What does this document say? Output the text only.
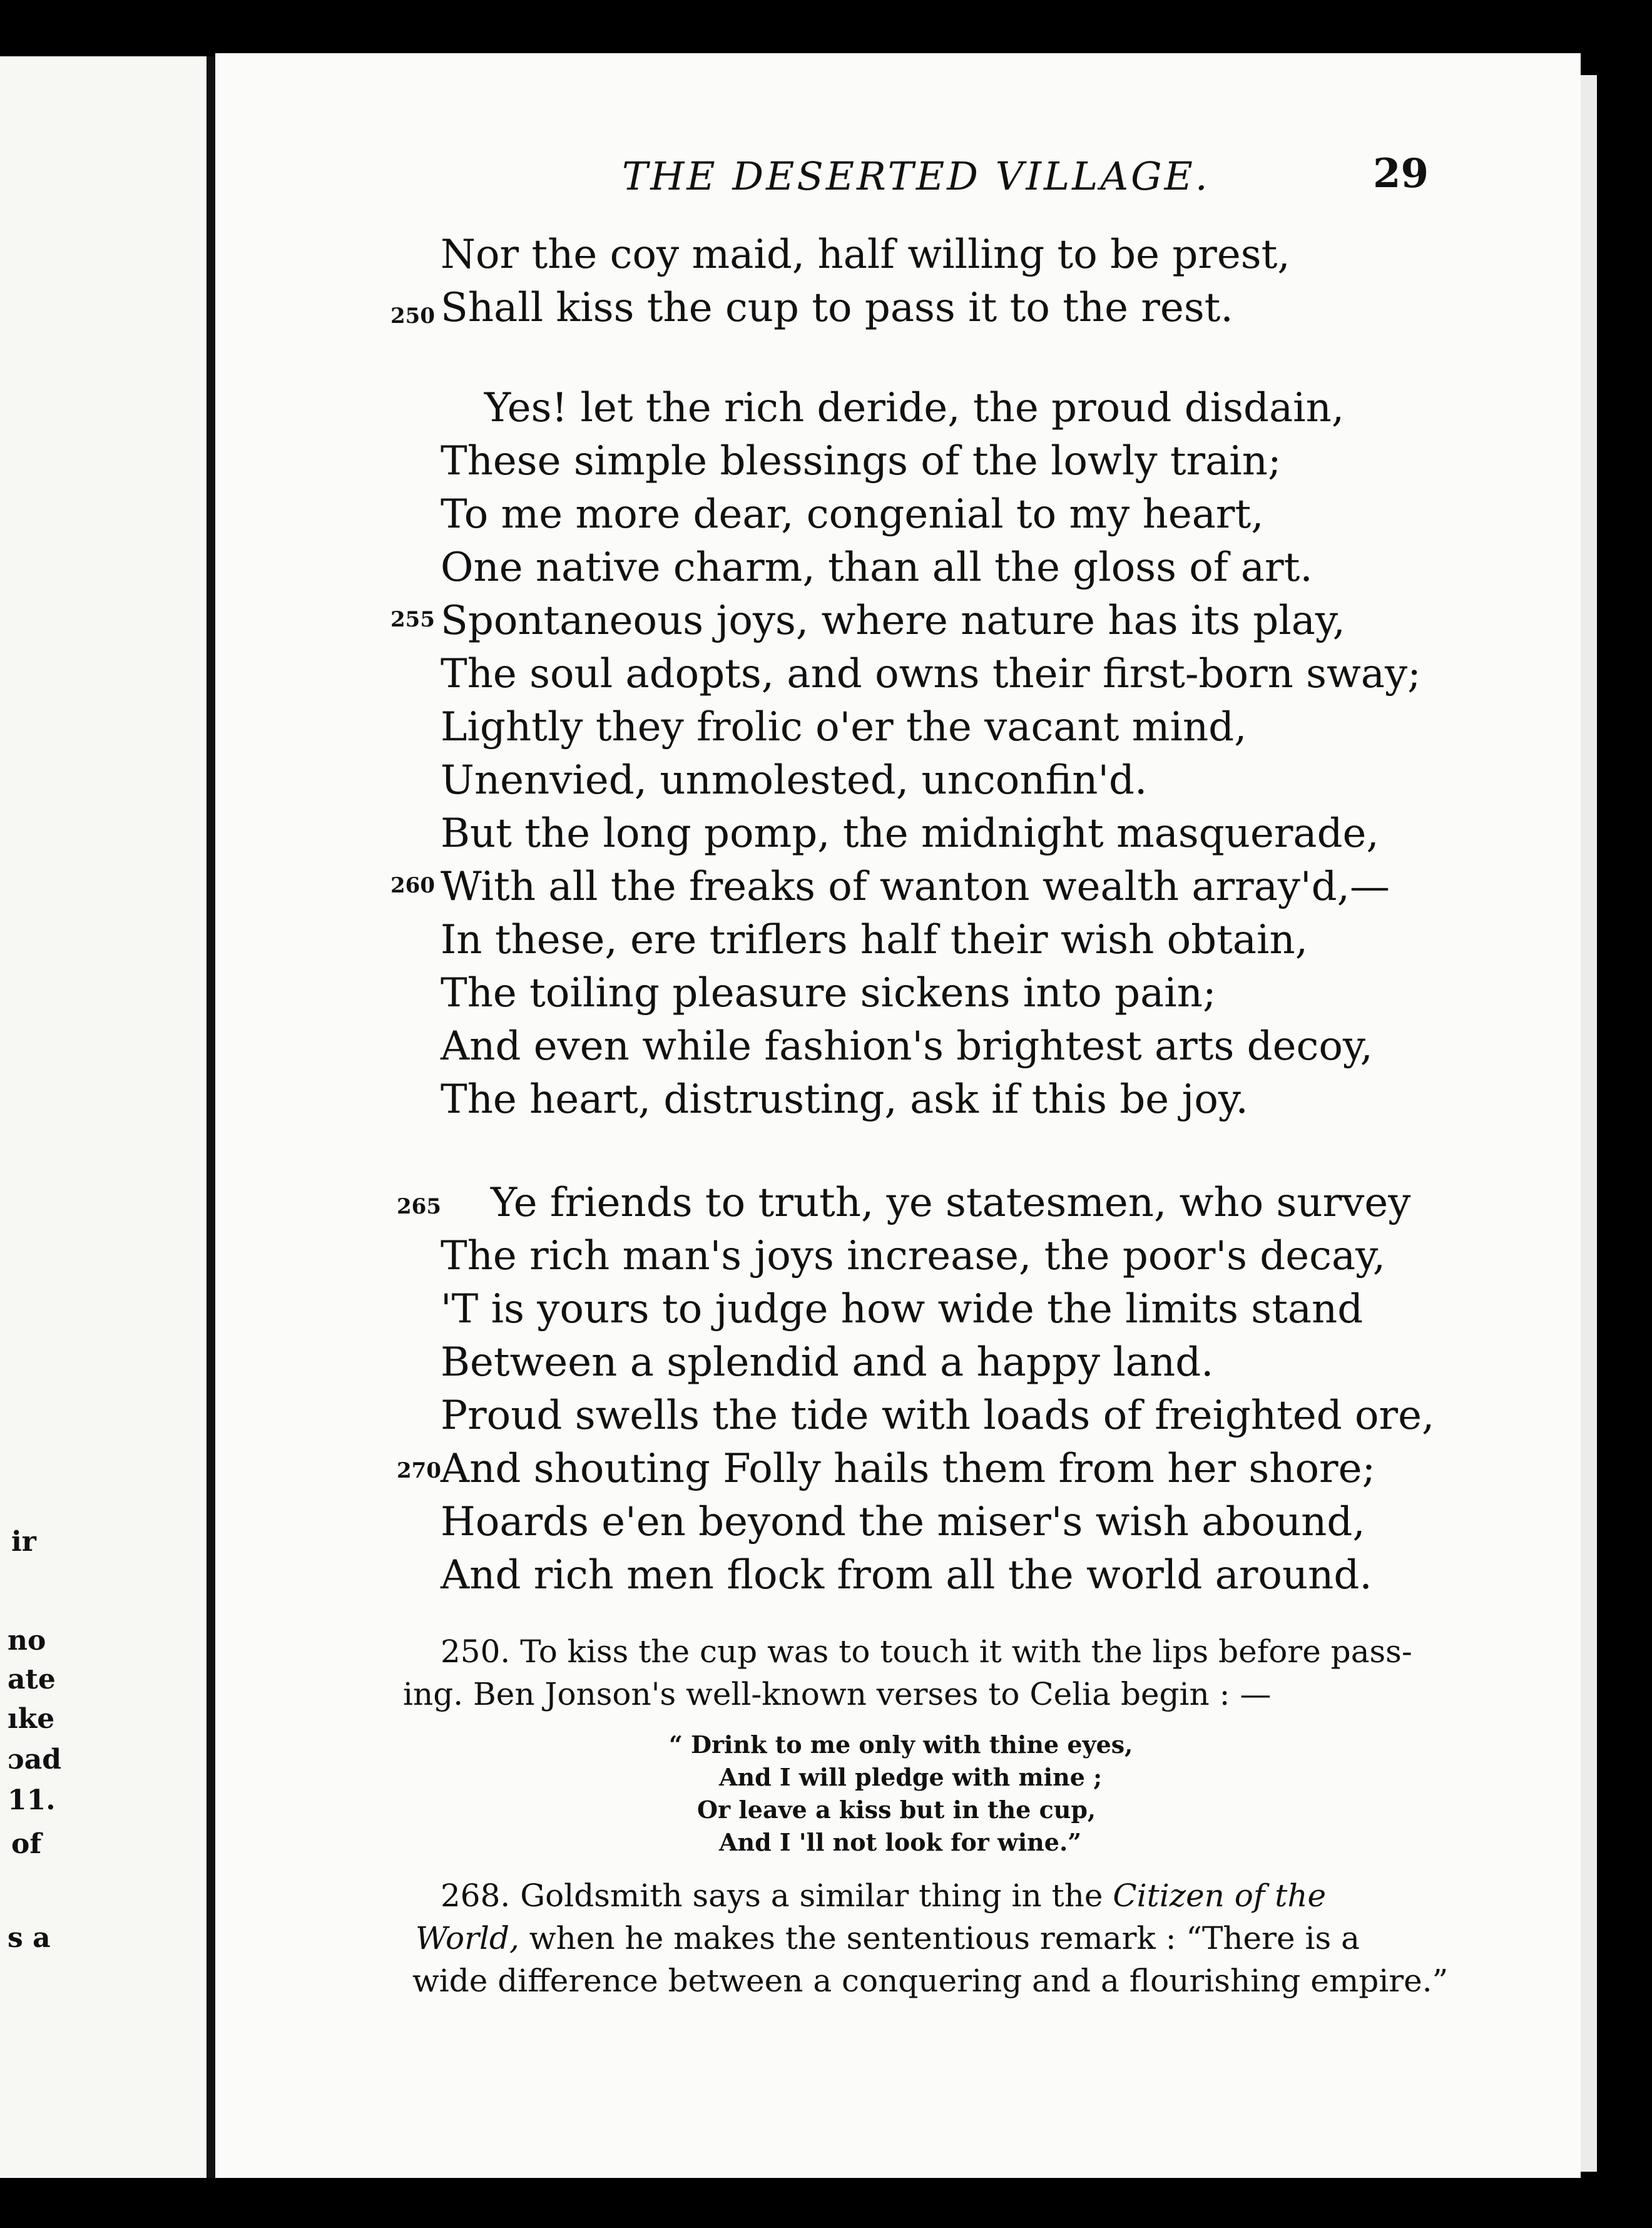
ir
no
ate
ıke
ɔad
11.
of
s a
THE DESERTED VILLAGE.	29
Nor the coy maid, half willing to be prest,
250 Shall kiss the cup to pass it to the rest.
Yes! let the rich deride, the proud disdain,
These simple blessings of the lowly train;
To me more dear, congenial to my heart,
One native charm, than all the gloss of art.
255 Spontaneous joys, where nature has its play,
The soul adopts, and owns their first-born sway;
Lightly they frolic o'er the vacant mind,
Unenvied, unmolested, unconfin'd.
But the long pomp, the midnight masquerade,
260 With all the freaks of wanton wealth array'd,—
In these, ere triflers half their wish obtain,
The toiling pleasure sickens into pain;
And even while fashion's brightest arts decoy,
The heart, distrusting, ask if this be joy.
265 Ye friends to truth, ye statesmen, who survey
The rich man's joys increase, the poor's decay,
'T is yours to judge how wide the limits stand
Between a splendid and a happy land.
Proud swells the tide with loads of freighted ore,
270 And shouting Folly hails them from her shore;
Hoards e'en beyond the miser's wish abound,
And rich men flock from all the world around.
250. To kiss the cup was to touch it with the lips before pass-
ing. Ben Jonson's well-known verses to Celia begin : —
“ Drink to me only with thine eyes,
And I will pledge with mine ;
Or leave a kiss but in the cup,
And I 'll not look for wine.”
268. Goldsmith says a similar thing in the Citizen of the
World, when he makes the sententious remark : “There is a
wide difference between a conquering and a flourishing empire.”
